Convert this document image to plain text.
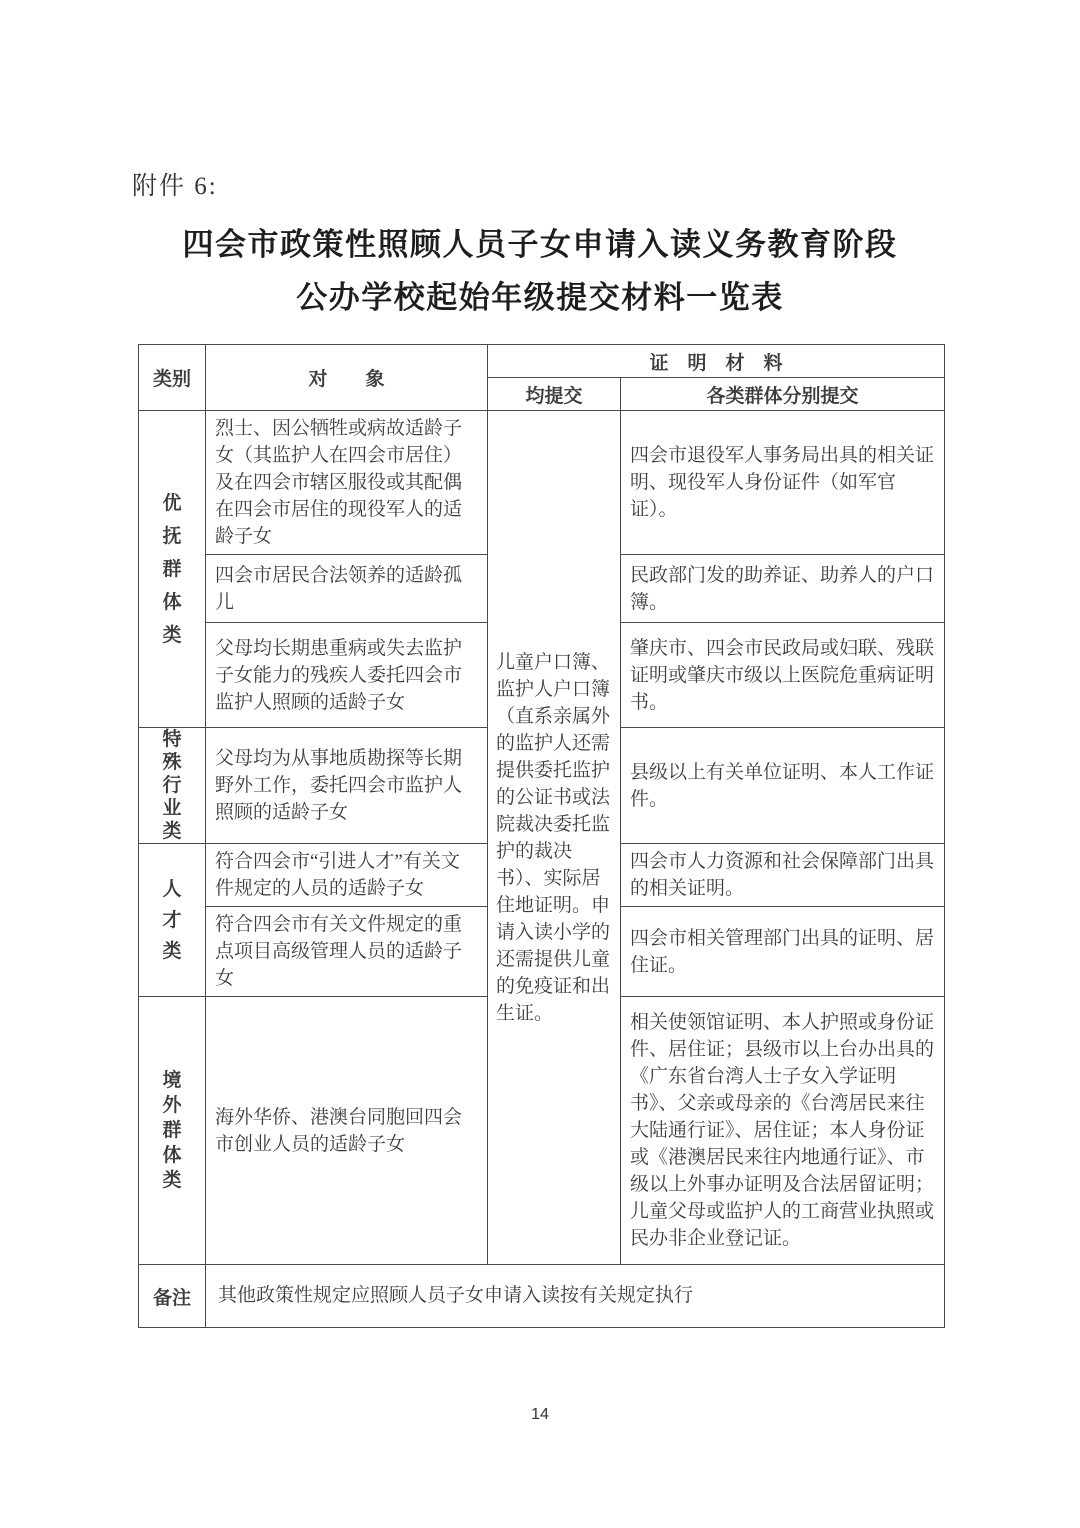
附件 6:
四会市政策性照顾人员子女申请入读义务教育阶段
公办学校起始年级提交材料一览表
类别	对　　象	证　明　材　料	
		均提交	各类群体分别提交

优抚群体类	烈士、因公牺牲或病故适龄子女（其监护人在四会市居住）及在四会市辖区服役或其配偶在四会市居住的现役军人的适龄子女	儿童户口簿、监护人户口簿（直系亲属外的监护人还需提供委托监护的公证书或法院裁决委托监护的裁决书）、实际居住地证明。申请入读小学的还需提供儿童的免疫证和出生证。	四会市退役军人事务局出具的相关证明、现役军人身份证件（如军官证）。
	四会市居民合法领养的适龄孤儿		民政部门发的助养证、助养人的户口簿。
	父母均长期患重病或失去监护子女能力的残疾人委托四会市监护人照顾的适龄子女		肇庆市、四会市民政局或妇联、残联证明或肇庆市级以上医院危重病证明书。

特殊行业类	父母均为从事地质勘探等长期野外工作，委托四会市监护人照顾的适龄子女		县级以上有关单位证明、本人工作证件。

人才类	符合四会市“引进人才”有关文件规定的人员的适龄子女		四会市人力资源和社会保障部门出具的相关证明。
	符合四会市有关文件规定的重点项目高级管理人员的适龄子女		四会市相关管理部门出具的证明、居住证。

境外群体类	海外华侨、港澳台同胞回四会市创业人员的适龄子女		相关使领馆证明、本人护照或身份证件、居住证；县级市以上台办出具的《广东省台湾人士子女入学证明书》、父亲或母亲的《台湾居民来往大陆通行证》、居住证；本人身份证或《港澳居民来往内地通行证》、市级以上外事办证明及合法居留证明；儿童父母或监护人的工商营业执照或民办非企业登记证。
备注	其他政策性规定应照顾人员子女申请入读按有关规定执行		
14
